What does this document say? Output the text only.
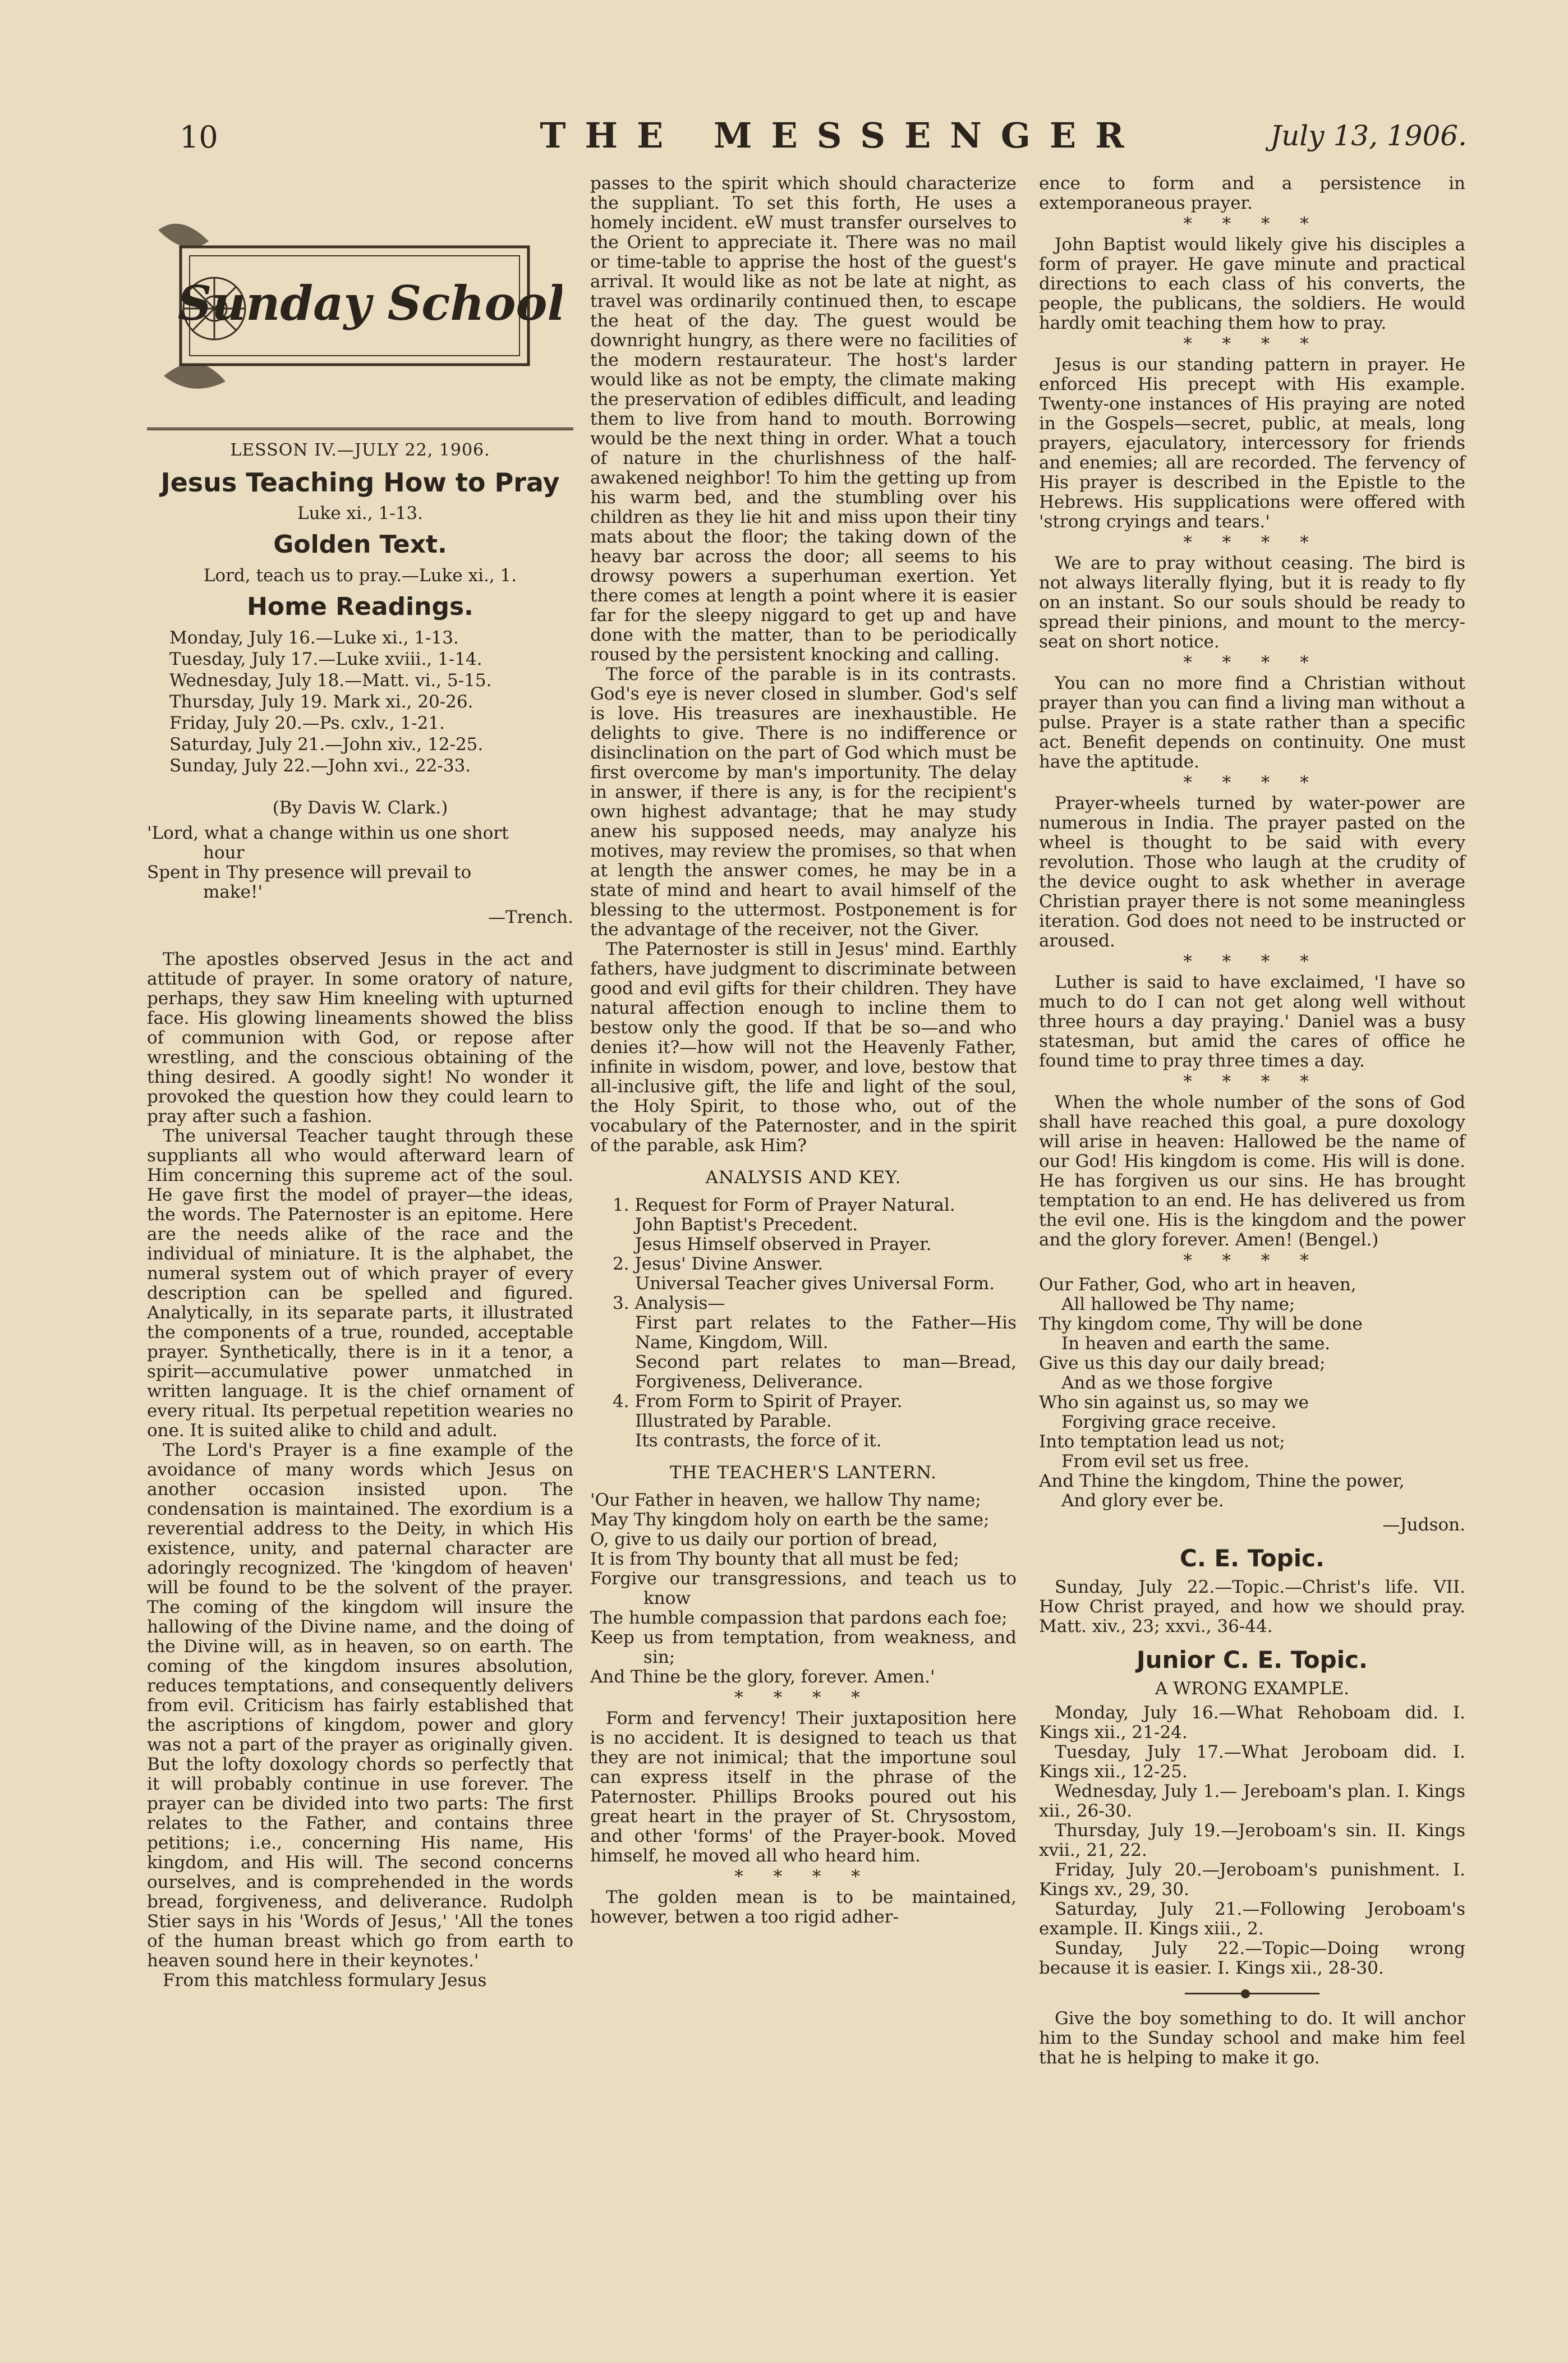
10	THE MESSENGER	July 13, 1906.
Sunday School
LESSON IV.—JULY 22, 1906.
Jesus Teaching How to Pray
Luke xi., 1-13.
Golden Text.
Lord, teach us to pray.—Luke xi., 1.
Home Readings.
Monday, July 16.—Luke xi., 1-13.
Tuesday, July 17.—Luke xviii., 1-14.
Wednesday, July 18.—Matt. vi., 5-15.
Thursday, July 19. Mark xi., 20-26.
Friday, July 20.—Ps. cxlv., 1-21.
Saturday, July 21.—John xiv., 12-25.
Sunday, July 22.—John xvi., 22-33.
(By Davis W. Clark.)
'Lord, what a change within us one short
hour
Spent in Thy presence will prevail to
make!'
—Trench.

The apostles observed Jesus in the act and attitude of prayer. In some oratory of nature, perhaps, they saw Him kneeling with upturned face. His glowing lineaments showed the bliss of communion with God, or repose after wrestling, and the conscious obtaining of the thing desired. A goodly sight! No wonder it provoked the question how they could learn to pray after such a fashion.

The universal Teacher taught through these suppliants all who would afterward learn of Him concerning this supreme act of the soul. He gave first the model of prayer—the ideas, the words. The Paternoster is an epitome. Here are the needs alike of the race and the individual of miniature. It is the alphabet, the numeral system out of which prayer of every description can be spelled and figured. Analytically, in its separate parts, it illustrated the components of a true, rounded, acceptable prayer. Synthetically, there is in it a tenor, a spirit—accumulative power unmatched in written language. It is the chief ornament of every ritual. Its perpetual repetition wearies no one. It is suited alike to child and adult.

The Lord's Prayer is a fine example of the avoidance of many words which Jesus on another occasion insisted upon. The condensation is maintained. The exordium is a reverential address to the Deity, in which His existence, unity, and paternal character are adoringly recognized. The 'kingdom of heaven' will be found to be the solvent of the prayer. The coming of the kingdom will insure the hallowing of the Divine name, and the doing of the Divine will, as in heaven, so on earth. The coming of the kingdom insures absolution, reduces temptations, and consequently delivers from evil. Criticism has fairly established that the ascriptions of kingdom, power and glory was not a part of the prayer as originally given. But the lofty doxology chords so perfectly that it will probably continue in use forever. The prayer can be divided into two parts: The first relates to the Father, and contains three petitions; i.e., concerning His name, His kingdom, and His will. The second concerns ourselves, and is comprehended in the words bread, forgiveness, and deliverance. Rudolph Stier says in his 'Words of Jesus,' 'All the tones of the human breast which go from earth to heaven sound here in their keynotes.'

From this matchless formulary Jesus

passes to the spirit which should characterize the suppliant. To set this forth, He uses a homely incident. eW must transfer ourselves to the Orient to appreciate it. There was no mail or time-table to apprise the host of the guest's arrival. It would like as not be late at night, as travel was ordinarily continued then, to escape the heat of the day. The guest would be downright hungry, as there were no facilities of the modern restaurateur. The host's larder would like as not be empty, the climate making the preservation of edibles difficult, and leading them to live from hand to mouth. Borrowing would be the next thing in order. What a touch of nature in the churlishness of the half-awakened neighbor! To him the getting up from his warm bed, and the stumbling over his children as they lie hit and miss upon their tiny mats about the floor; the taking down of the heavy bar across the door; all seems to his drowsy powers a superhuman exertion. Yet there comes at length a point where it is easier far for the sleepy niggard to get up and have done with the matter, than to be periodically roused by the persistent knocking and calling.

The force of the parable is in its contrasts. God's eye is never closed in slumber. God's self is love. His treasures are inexhaustible. He delights to give. There is no indifference or disinclination on the part of God which must be first overcome by man's importunity. The delay in answer, if there is any, is for the recipient's own highest advantage; that he may study anew his supposed needs, may analyze his motives, may review the promises, so that when at length the answer comes, he may be in a state of mind and heart to avail himself of the blessing to the uttermost. Postponement is for the advantage of the receiver, not the Giver.

The Paternoster is still in Jesus' mind. Earthly fathers, have judgment to discriminate between good and evil gifts for their children. They have natural affection enough to incline them to bestow only the good. If that be so—and who denies it?—how will not the Heavenly Father, infinite in wisdom, power, and love, bestow that all-inclusive gift, the life and light of the soul, the Holy Spirit, to those who, out of the vocabulary of the Paternoster, and in the spirit of the parable, ask Him?

ANALYSIS AND KEY.
1. Request for Form of Prayer Natural.
John Baptist's Precedent.
Jesus Himself observed in Prayer.
2. Jesus' Divine Answer.
Universal Teacher gives Universal Form.
3. Analysis—
First part relates to the Father—His Name, Kingdom, Will.
Second part relates to man—Bread, Forgiveness, Deliverance.
4. From Form to Spirit of Prayer.
Illustrated by Parable.
Its contrasts, the force of it.
THE TEACHER'S LANTERN.
'Our Father in heaven, we hallow Thy name;
May Thy kingdom holy on earth be the same;
O, give to us daily our portion of bread,
It is from Thy bounty that all must be fed;
Forgive our transgressions, and teach us to know
The humble compassion that pardons each foe;
Keep us from temptation, from weakness, and sin;
And Thine be the glory, forever. Amen.'
* * * *

Form and fervency! Their juxtaposition here is no accident. It is designed to teach us that they are not inimical; that the importune soul can express itself in the phrase of the Paternoster. Phillips Brooks poured out his great heart in the prayer of St. Chrysostom, and other 'forms' of the Prayer-book. Moved himself, he moved all who heard him.

* * * *

The golden mean is to be maintained, however, betwen a too rigid adher-

ence to form and a persistence in extemporaneous prayer.

* * * *

John Baptist would likely give his disciples a form of prayer. He gave minute and practical directions to each class of his converts, the people, the publicans, the soldiers. He would hardly omit teaching them how to pray.

* * * *

Jesus is our standing pattern in prayer. He enforced His precept with His example. Twenty-one instances of His praying are noted in the Gospels—secret, public, at meals, long prayers, ejaculatory, intercessory for friends and enemies; all are recorded. The fervency of His prayer is described in the Epistle to the Hebrews. His supplications were offered with 'strong cryings and tears.'

* * * *

We are to pray without ceasing. The bird is not always literally flying, but it is ready to fly on an instant. So our souls should be ready to spread their pinions, and mount to the mercy-seat on short notice.

* * * *

You can no more find a Christian without prayer than you can find a living man without a pulse. Prayer is a state rather than a specific act. Benefit depends on continuity. One must have the aptitude.

* * * *

Prayer-wheels turned by water-power are numerous in India. The prayer pasted on the wheel is thought to be said with every revolution. Those who laugh at the crudity of the device ought to ask whether in average Christian prayer there is not some meaningless iteration. God does not need to be instructed or aroused.

* * * *

Luther is said to have exclaimed, 'I have so much to do I can not get along well without three hours a day praying.' Daniel was a busy statesman, but amid the cares of office he found time to pray three times a day.

* * * *

When the whole number of the sons of God shall have reached this goal, a pure doxology will arise in heaven: Hallowed be the name of our God! His kingdom is come. His will is done. He has forgiven us our sins. He has brought temptation to an end. He has delivered us from the evil one. His is the kingdom and the power and the glory forever. Amen! (Bengel.)

* * * *
Our Father, God, who art in heaven,
All hallowed be Thy name;
Thy kingdom come, Thy will be done
In heaven and earth the same.
Give us this day our daily bread;
And as we those forgive
Who sin against us, so may we
Forgiving grace receive.
Into temptation lead us not;
From evil set us free.
And Thine the kingdom, Thine the power,
And glory ever be.
—Judson.
C. E. Topic.

Sunday, July 22.—Topic.—Christ's life. VII. How Christ prayed, and how we should pray. Matt. xiv., 23; xxvi., 36-44.

Junior C. E. Topic.
A WRONG EXAMPLE.

Monday, July 16.—What Rehoboam did. I. Kings xii., 21-24.

Tuesday, July 17.—What Jeroboam did. I. Kings xii., 12-25.

Wednesday, July 1.— Jereboam's plan. I. Kings xii., 26-30.

Thursday, July 19.—Jeroboam's sin. II. Kings xvii., 21, 22.

Friday, July 20.—Jeroboam's punishment. I. Kings xv., 29, 30.

Saturday, July 21.—Following Jeroboam's example. II. Kings xiii., 2.

Sunday, July 22.—Topic—Doing wrong because it is easier. I. Kings xii., 28-30.

Give the boy something to do. It will anchor him to the Sunday school and make him feel that he is helping to make it go.
